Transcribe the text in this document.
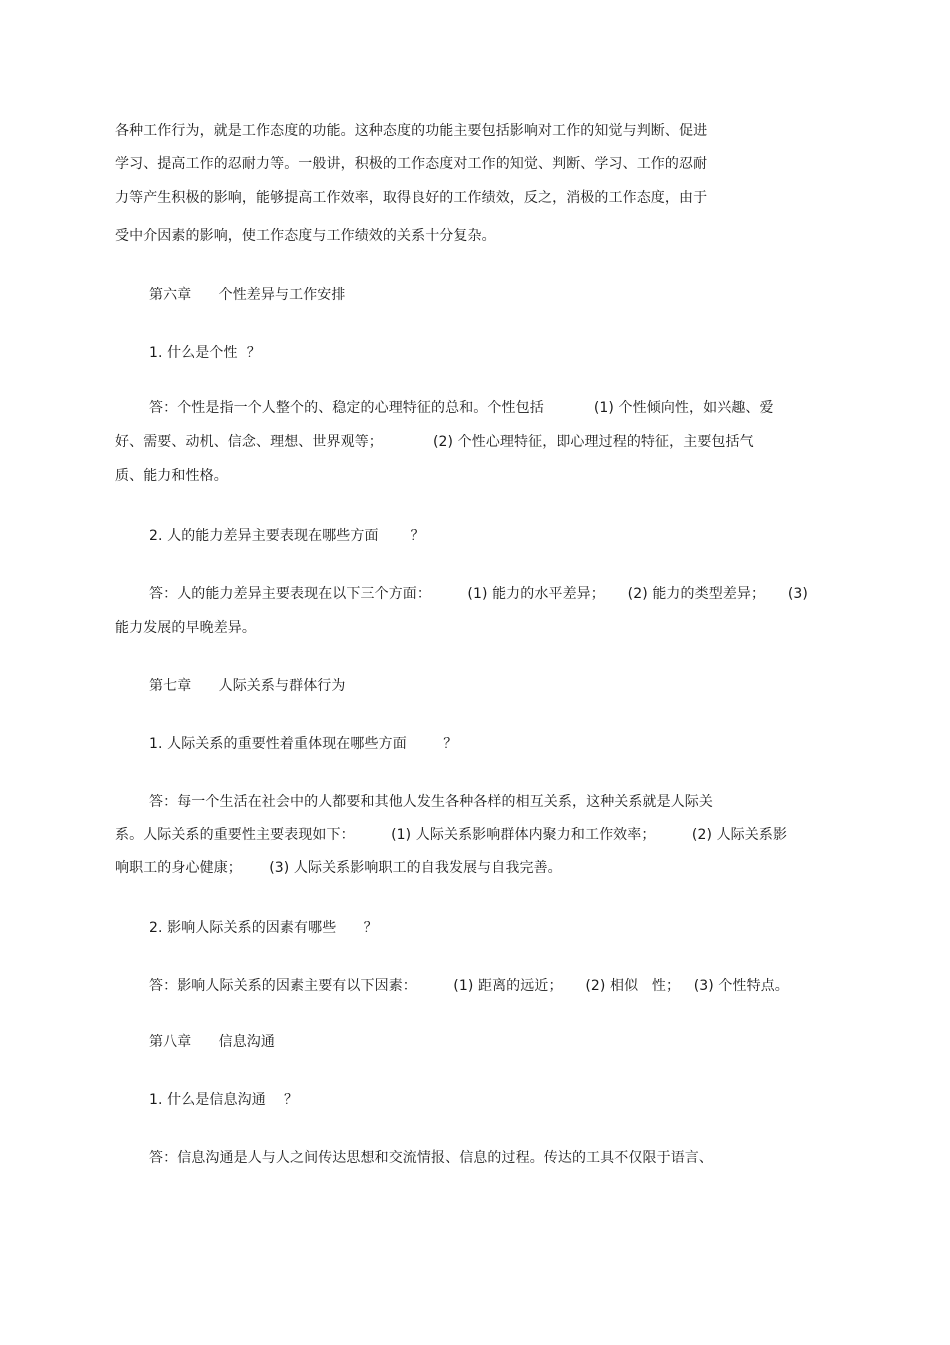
各种工作行为，就是工作态度的功能。这种态度的功能主要包括影响对工作的知觉与判断、促进
学习、提高工作的忍耐力等。一般讲，积极的工作态度对工作的知觉、判断、学习、工作的忍耐
力等产生积极的影响，能够提高工作效率，取得良好的工作绩效，反之，消极的工作态度，由于
受中介因素的影响，使工作态度与工作绩效的关系十分复杂。
第六章      个性差异与工作安排
1. 什么是个性  ？
答：个性是指一个人整个的、稳定的心理特征的总和。个性包括           (1) 个性倾向性，如兴趣、爱
好、需要、动机、信念、理想、世界观等；           (2) 个性心理特征，即心理过程的特征，主要包括气
质、能力和性格。
2. 人的能力差异主要表现在哪些方面       ？
答：人的能力差异主要表现在以下三个方面：        (1) 能力的水平差异；     (2) 能力的类型差异；     (3)
能力发展的早晚差异。
第七章      人际关系与群体行为
1. 人际关系的重要性着重体现在哪些方面        ？
答：每一个生活在社会中的人都要和其他人发生各种各样的相互关系，这种关系就是人际关
系。人际关系的重要性主要表现如下：        (1) 人际关系影响群体内聚力和工作效率；        (2) 人际关系影
响职工的身心健康；      (3) 人际关系影响职工的自我发展与自我完善。
2. 影响人际关系的因素有哪些      ？
答：影响人际关系的因素主要有以下因素：        (1) 距离的远近；     (2) 相似   性；   (3) 个性特点。
第八章      信息沟通
1. 什么是信息沟通    ？
答：信息沟通是人与人之间传达思想和交流情报、信息的过程。传达的工具不仅限于语言、
